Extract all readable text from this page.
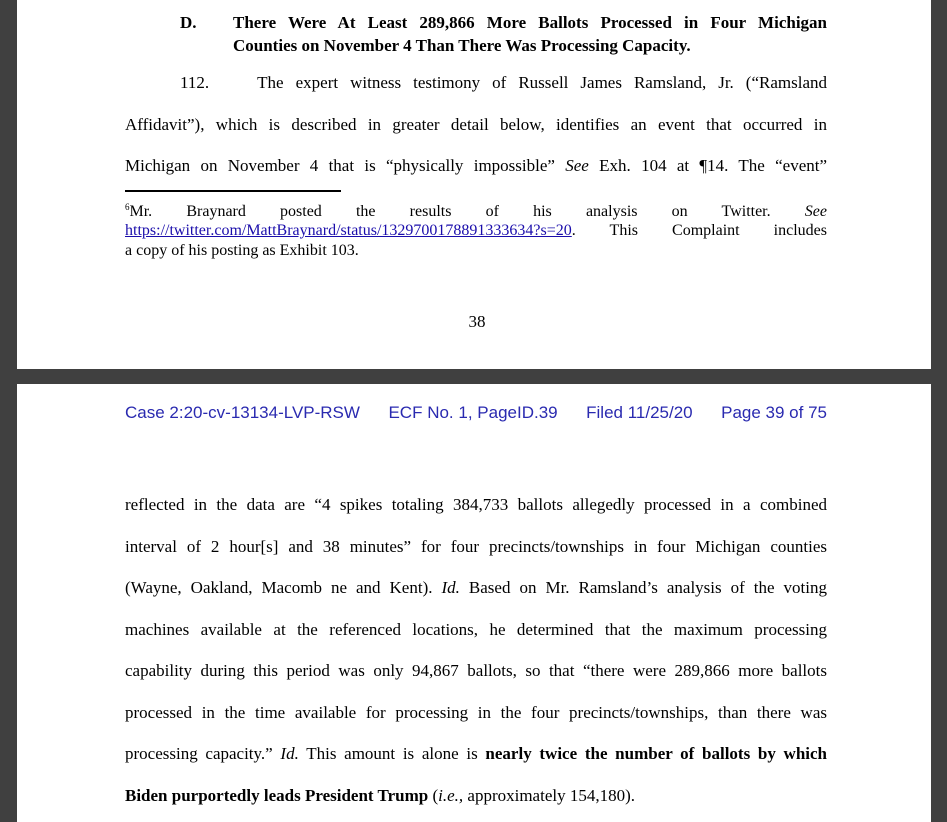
D. There Were At Least 289,866 More Ballots Processed in Four Michigan
Counties on November 4 Than There Was Processing Capacity.
112.	The expert witness testimony of Russell James Ramsland, Jr. (“Ramsland
Affidavit”), which is described in greater detail below, identifies an event that occurred in
Michigan on November 4 that is “physically impossible” See Exh. 104 at ¶14. The “event”
$^6$Mr. Braynard posted the results of his analysis on Twitter. See
https://twitter.com/MattBraynard/status/1329700178891333634?s=20. This Complaint includes
a copy of his posting as Exhibit 103.
38
Case 2:20-cv-13134-LVP-RSW ECF No. 1, PageID.39 Filed 11/25/20 Page 39 of 75
reflected in the data are “4 spikes totaling 384,733 ballots allegedly processed in a combined
interval of 2 hour[s] and 38 minutes” for four precincts/townships in four Michigan counties
(Wayne, Oakland, Macomb ne and Kent). Id. Based on Mr. Ramsland’s analysis of the voting
machines available at the referenced locations, he determined that the maximum processing
capability during this period was only 94,867 ballots, so that “there were 289,866 more ballots
processed in the time available for processing in the four precincts/townships, than there was
processing capacity.” Id. This amount is alone is nearly twice the number of ballots by which
Biden purportedly leads President Trump (i.e., approximately 154,180).
